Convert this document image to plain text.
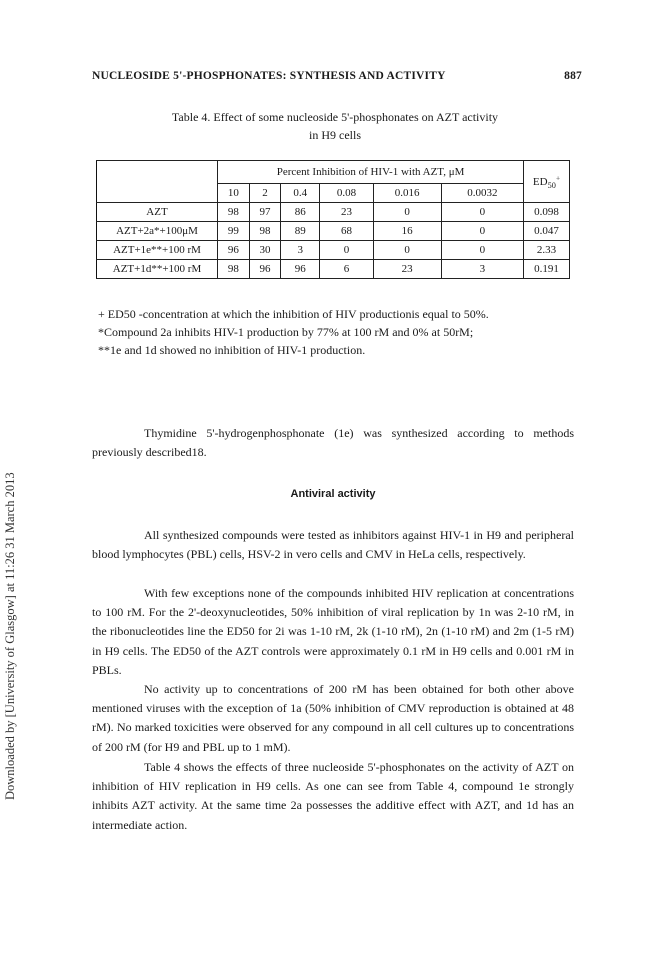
NUCLEOSIDE 5'-PHOSPHONATES: SYNTHESIS AND ACTIVITY	887
Downloaded by [University of Glasgow] at 11:26 31 March 2013
Table 4. Effect of some nucleoside 5'-phosphonates on AZT activity
in H9 cells
	Percent Inhibition of HIV-1 with AZT, μM						$ED_{50}^+$
	10	2	0.4	0.08	0.016	0.0032	
AZT	98	97	86	23	0	0	0.098
AZT+2a*+100μM	99	98	89	68	16	0	0.047
AZT+1e**+100 rM	96	30	3	0	0	0	2.33
AZT+1d**+100 rM	98	96	96	6	23	3	0.191

+ ED50 -concentration at which the inhibition of HIV productionis equal to 50%.

*Compound 2a inhibits HIV-1 production by 77% at 100 rM and 0% at 50rM;

**1e and 1d showed no inhibition of HIV-1 production.

Thymidine 5'-hydrogenphosphonate (1e) was synthesized according to methods previously described18.

Antiviral activity

All synthesized compounds were tested as inhibitors against HIV-1 in H9 and peripheral blood lymphocytes (PBL) cells, HSV-2 in vero cells and CMV in HeLa cells, respectively.

With few exceptions none of the compounds inhibited HIV replication at concentrations to 100 rM. For the 2'-deoxynucleotides, 50% inhibition of viral replication by 1n was 2-10 rM, in the ribonucleotides line the ED50 for 2i was 1-10 rM, 2k (1-10 rM), 2n (1-10 rM) and 2m (1-5 rM) in H9 cells. The ED50 of the AZT controls were approximately 0.1 rM in H9 cells and 0.001 rM in PBLs.

No activity up to concentrations of 200 rM has been obtained for both other above mentioned viruses with the exception of 1a (50% inhibition of CMV reproduction is obtained at 48 rM). No marked toxicities were observed for any compound in all cell cultures up to concentrations of 200 rM (for H9 and PBL up to 1 mM).

Table 4 shows the effects of three nucleoside 5'-phosphonates on the activity of AZT on inhibition of HIV replication in H9 cells. As one can see from Table 4, compound 1e strongly inhibits AZT activity. At the same time 2a possesses the additive effect with AZT, and 1d has an intermediate action.
